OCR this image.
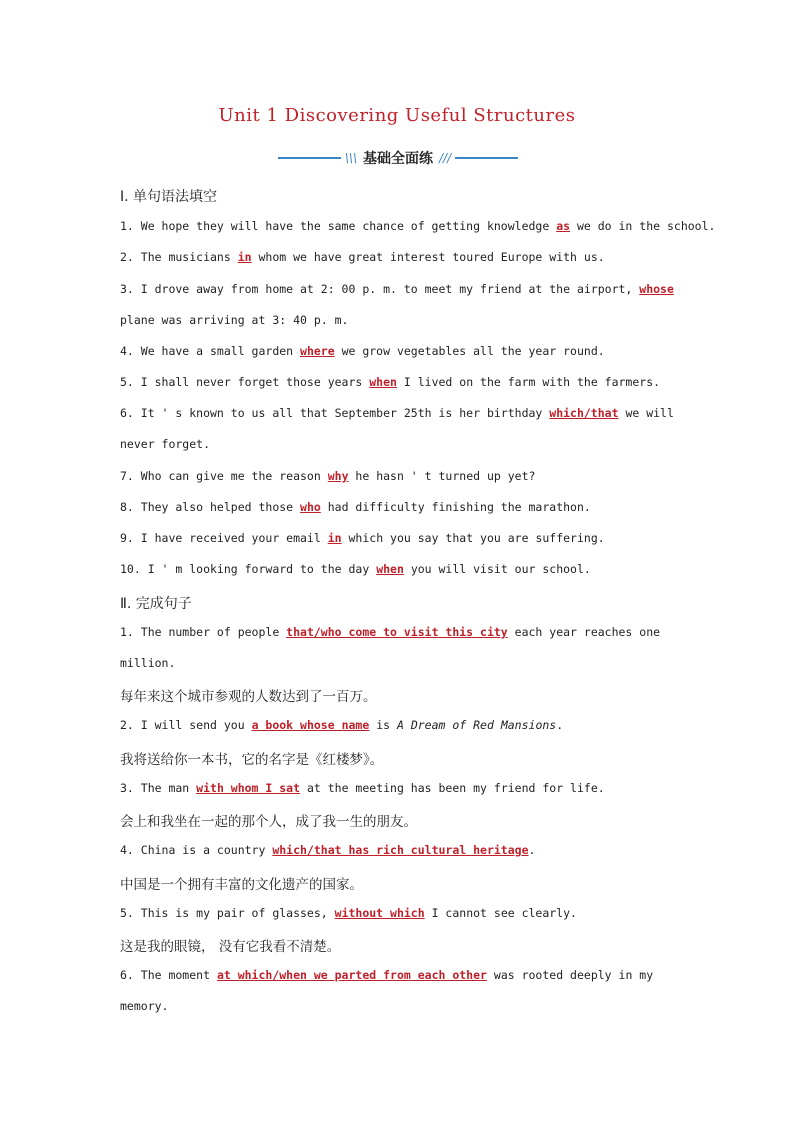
Unit 1 Discovering Useful Structures
\\\ 基础全面练 ///
Ⅰ. 单句语法填空
1. We hope they will have the same chance of getting knowledge as we do in the school.
2. The musicians in whom we have great interest toured Europe with us.
3. I drove away from home at 2: 00 p. m. to meet my friend at the airport, whose
plane was arriving at 3: 40 p. m.
4. We have a small garden where we grow vegetables all the year round.
5. I shall never forget those years when I lived on the farm with the farmers.
6. It ' s known to us all that September 25th is her birthday which/that we will
never forget.
7. Who can give me the reason why he hasn ' t turned up yet?
8. They also helped those who had difficulty finishing the marathon.
9. I have received your email in which you say that you are suffering.
10. I ' m looking forward to the day when you will visit our school.
Ⅱ. 完成句子
1. The number of people that/who come to visit this city each year reaches one
million.
每年来这个城市参观的人数达到了一百万。
2. I will send you a book whose name is A Dream of Red Mansions.
我将送给你一本书，它的名字是《红楼梦》。
3. The man with whom I sat at the meeting has been my friend for life.
会上和我坐在一起的那个人，成了我一生的朋友。
4. China is a country which/that has rich cultural heritage.
中国是一个拥有丰富的文化遗产的国家。
5. This is my pair of glasses, without which I cannot see clearly.
这是我的眼镜， 没有它我看不清楚。
6. The moment at which/when we parted from each other was rooted deeply in my
memory.
